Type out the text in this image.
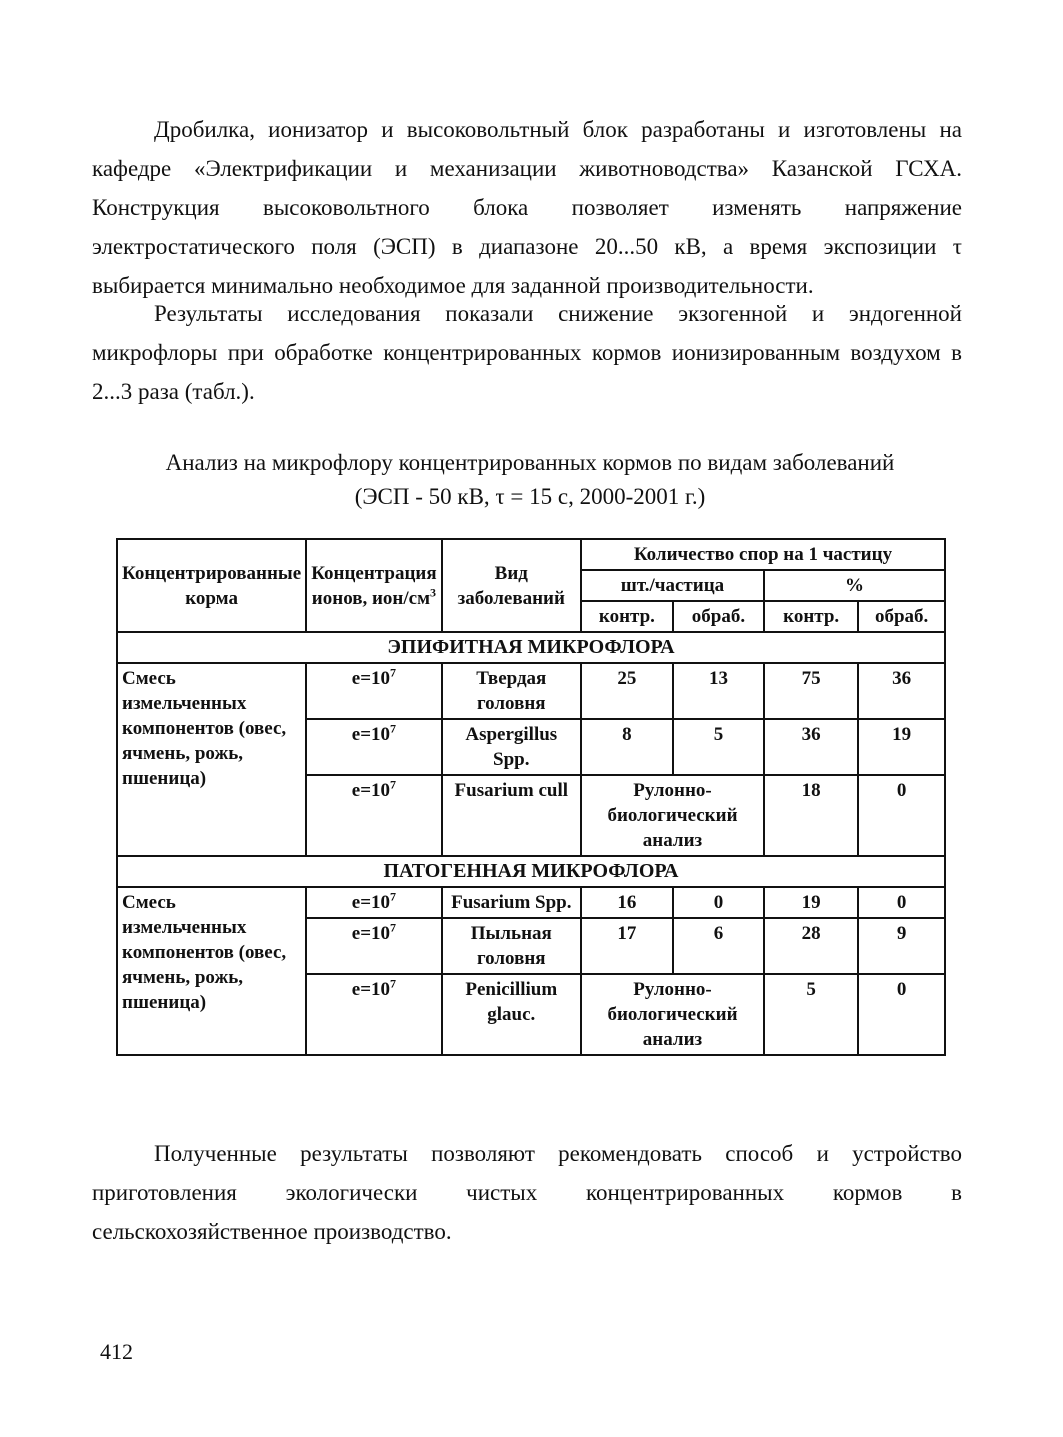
Дробилка, ионизатор и высоковольтный блок разработаны и изготовлены на кафедре «Электрификации и механизации животноводства» Казанской ГСХА. Конструкция высоковольтного блока позволяет изменять напряжение электростатического поля (ЭСП) в диапазоне 20...50 кВ, а время экспозиции τ выбирается минимально необходимое для заданной производительности.

Результаты исследования показали снижение экзогенной и эндогенной микрофлоры при обработке концентрированных кормов ионизированным воздухом в 2...3 раза (табл.).

Анализ на микрофлору концентрированных кормов по видам заболеваний
(ЭСП - 50 кВ, τ = 15 с, 2000-2001 г.)
Концентрированные корма	Концентрация ионов, ион/$см^3$	Вид заболеваний	Количество спор на 1 частицу			
			шт./частица		%	
			контр.	обраб.	контр.	обраб.
ЭПИФИТНАЯ МИКРОФЛОРА						
Смесь измельченных компонентов (овес, ячмень, рожь, пшеница)	$е=10^7$	Твердая головня	25	13	75	36
	$е=10^7$	Aspergillus Spp.	8	5	36	19
	$е=10^7$	Fusarium cull	Рулонно-биологический анализ		18	0
ПАТОГЕННАЯ МИКРОФЛОРА						
Смесь измельченных компонентов (овес, ячмень, рожь, пшеница)	$е=10^7$	Fusarium Spp.	16	0	19	0
	$е=10^7$	Пыльная головня	17	6	28	9
	$е=10^7$	Penicillium glauc.	Рулонно-биологический анализ		5	0

Полученные результаты позволяют рекомендовать способ и устройство приготовления экологически чистых концентрированных кормов в сельскохозяйственное производство.

412
